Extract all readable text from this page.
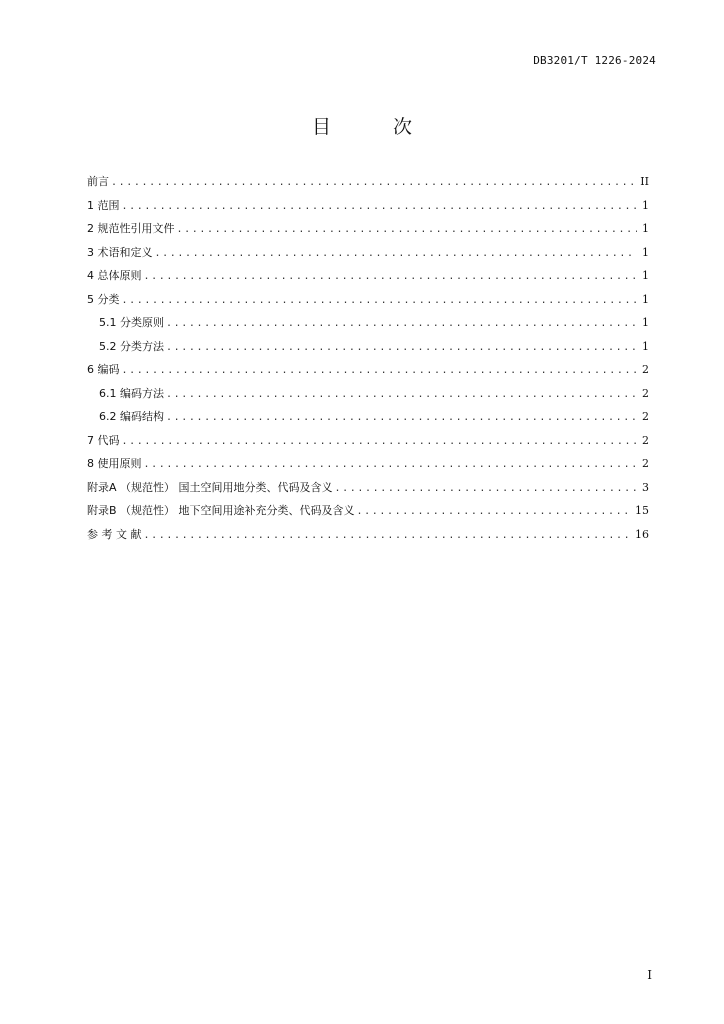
DB3201/T 1226-2024
目 次
前言 .....	II
1 范围 .....	1
2 规范性引用文件 .....	1
3 术语和定义 .....	1
4 总体原则 .....	1
5 分类 .....	1
5.1 分类原则 .....	1
5.2 分类方法 .....	1
6 编码 .....	2
6.1 编码方法 .....	2
6.2 编码结构 .....	2
7 代码 .....	2
8 使用原则 .....	2
附录A （规范性） 国土空间用地分类、代码及含义 .....	3
附录B （规范性） 地下空间用途补充分类、代码及含义 .....	15
参 考 文 献 .....	16
I
